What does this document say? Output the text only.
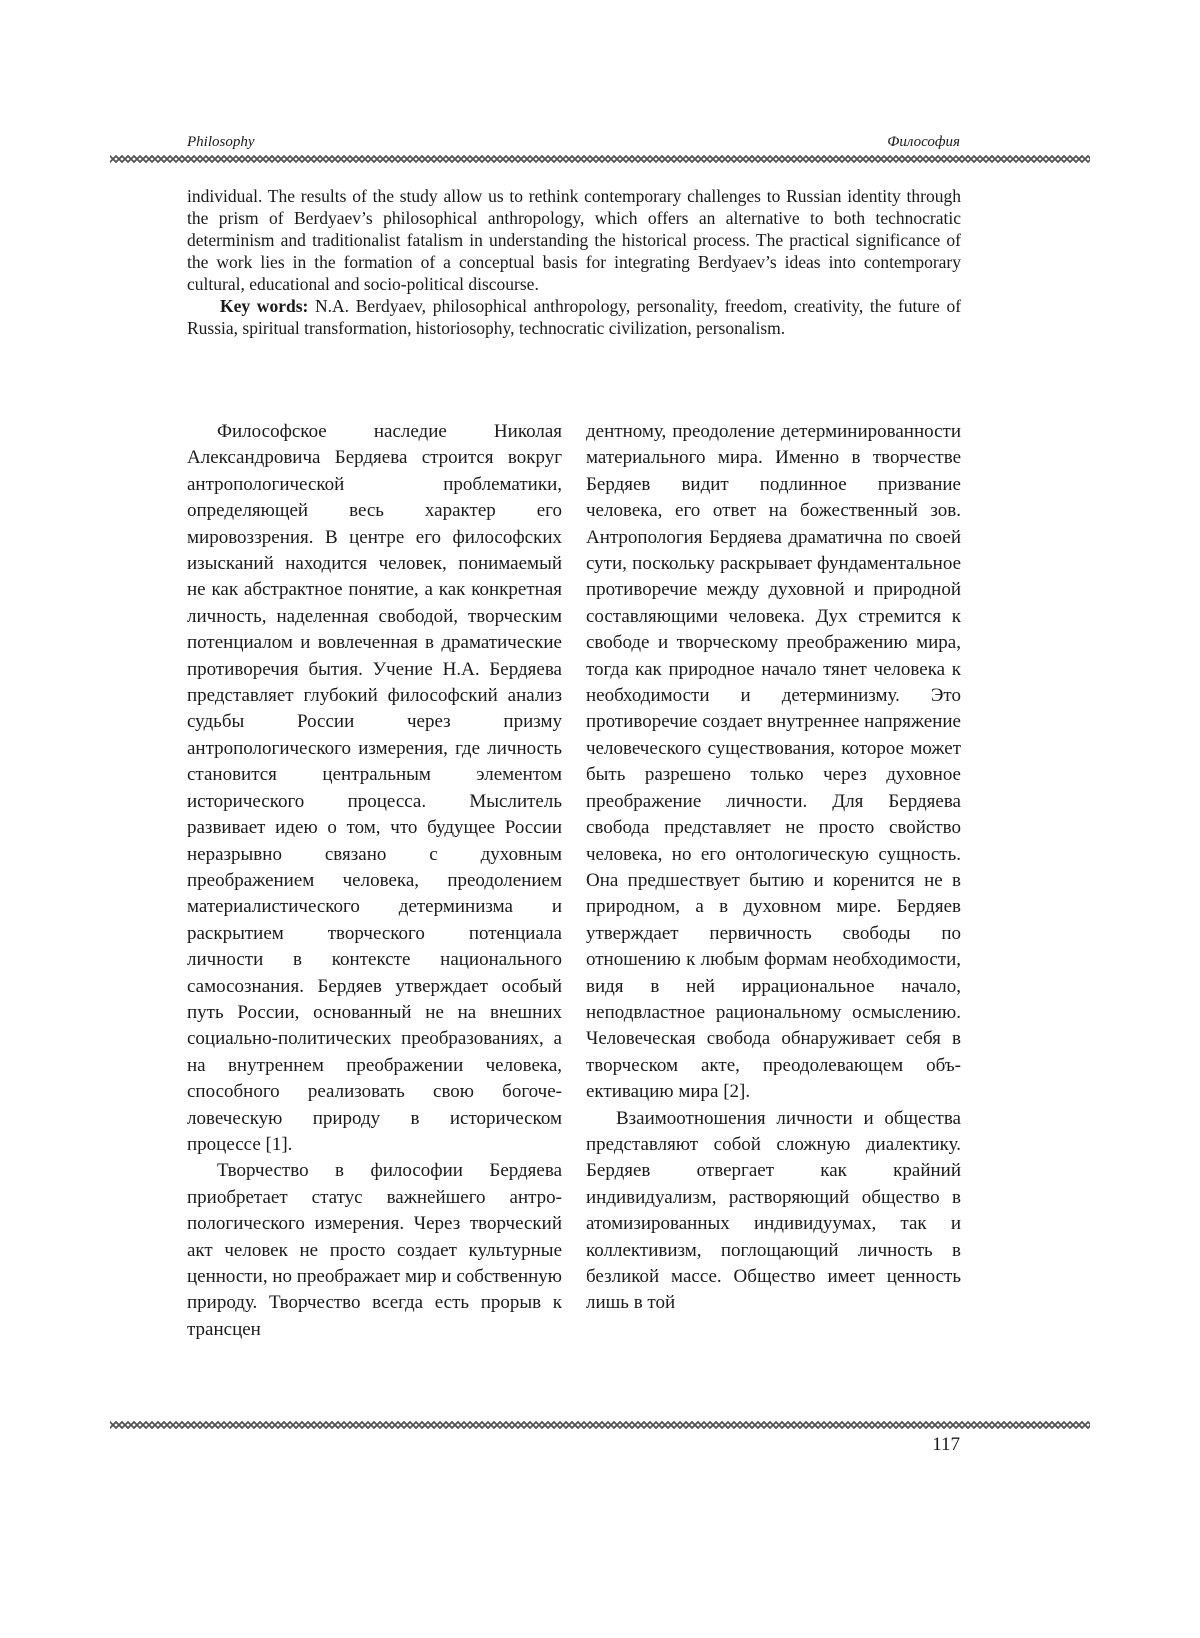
Philosophy	Философия

individual. The results of the study allow us to rethink contemporary challenges to Russian identity through the prism of Berdyaev’s philosophical anthropology, which offers an alternative to both technocratic determinism and traditionalist fatalism in understanding the historical process. The practical significance of the work lies in the formation of a conceptual basis for integrating Berdyaev’s ideas into contemporary cultural, educational and socio-political discourse.

Key words: N.A. Berdyaev, philosophical anthropology, personality, freedom, creativity, the future of Russia, spiritual transformation, historiosophy, technocratic civilization, personalism.

Философское наследие Николая Александровича Бердяева строится вокруг антропологической проблематики, определяющей весь характер его мировоззрения. В центре его философских изысканий находится человек, понимаемый не как абстрактное понятие, а как конкретная личность, наделенная свободой, творческим потенциалом и вовлеченная в драматические противоречия бытия. Учение Н.А. Бердяева представляет глубокий философский анализ судьбы России через призму антропологического измерения, где личность становится центральным элементом исторического процесса. Мыслитель развивает идею о том, что будущее России неразрывно связано с духовным преображением человека, преодолением материалистического детерминизма и раскрытием творческого потенциала личности в контексте национального самосознания. Бердяев утверждает особый путь России, основанный не на внешних социально-политических преобразованиях, а на внутреннем преображении человека, способного реализовать свою богочеловеческую природу в историческом процессе [1].

Творчество в философии Бердяева приобретает статус важнейшего антропологического измерения. Через творческий акт человек не просто создает культурные ценности, но преображает мир и собственную природу. Творчество всегда есть прорыв к трансцен

дентному, преодоление детерминированности материального мира. Именно в творчестве Бердяев видит подлинное призвание человека, его ответ на божественный зов. Антропология Бердяева драматична по своей сути, поскольку раскрывает фундаментальное противоречие между духовной и природной составляющими человека. Дух стремится к свободе и творческому преображению мира, тогда как природное начало тянет человека к необходимости и детерминизму. Это противоречие создает внутреннее напряжение человеческого существования, которое может быть разрешено только через духовное преображение личности. Для Бердяева свобода представляет не просто свойство человека, но его онтологическую сущность. Она предшествует бытию и коренится не в природном, а в духовном мире. Бердяев утверждает первичность свободы по отношению к любым формам необходимости, видя в ней иррациональное начало, неподвластное рациональному осмыслению. Человеческая свобода обнаруживает себя в творческом акте, преодолевающем объективацию мира [2].

Взаимоотношения личности и общества представляют собой сложную диалектику. Бердяев отвергает как крайний индивидуализм, растворяющий общество в атомизированных индивидуумах, так и коллективизм, поглощающий личность в безликой массе. Общество имеет ценность лишь в той

117
